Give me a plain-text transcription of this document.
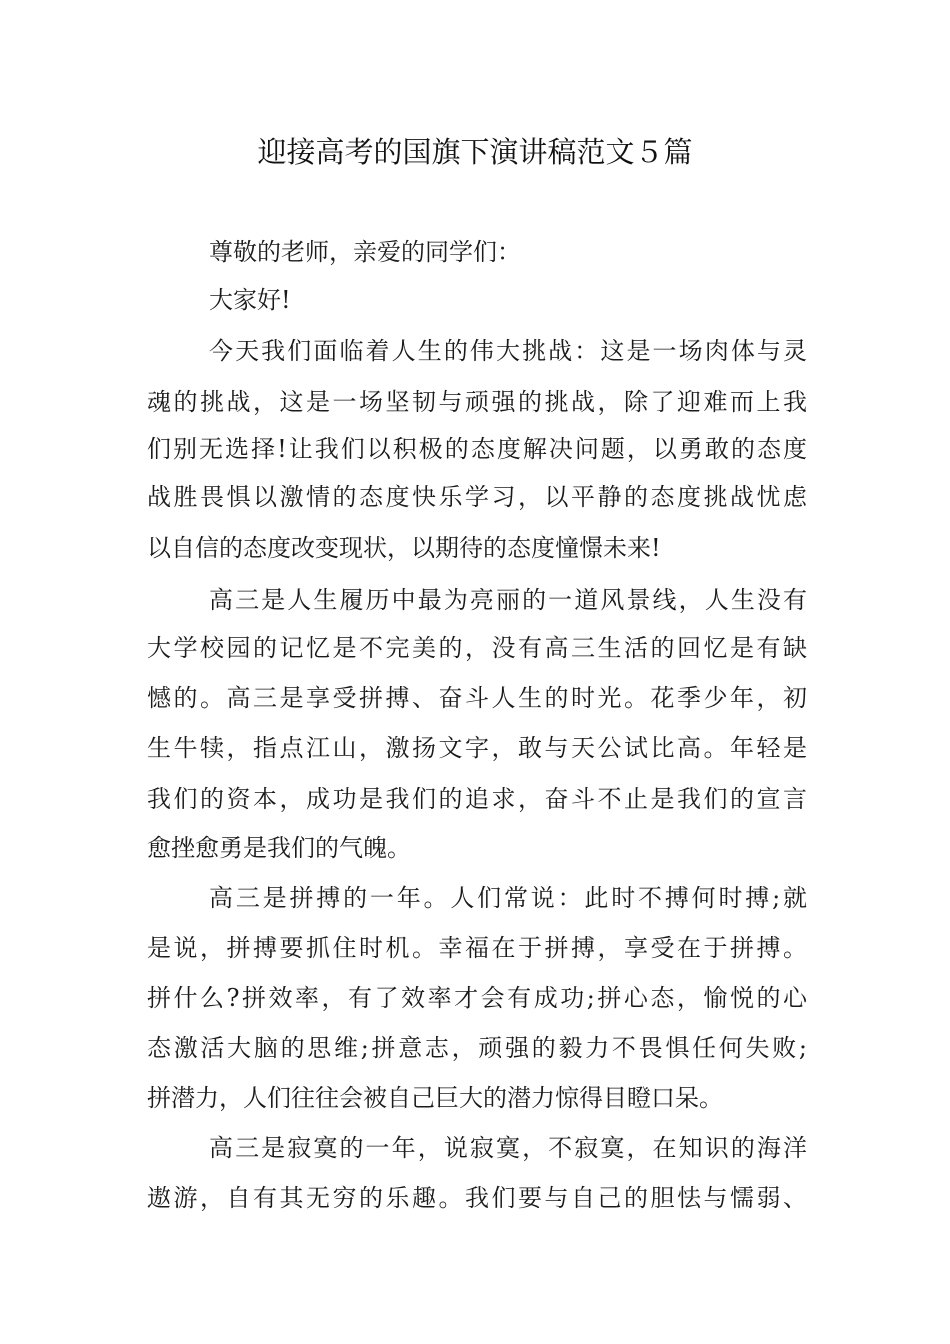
迎接高考的国旗下演讲稿范文５篇
尊敬的老师，亲爱的同学们：
大家好!
今天我们面临着人生的伟大挑战：这是一场肉体与灵
魂的挑战，这是一场坚韧与顽强的挑战，除了迎难而上我
们别无选择!让我们以积极的态度解决问题，以勇敢的态度
战胜畏惧以激情的态度快乐学习，以平静的态度挑战忧虑
以自信的态度改变现状，以期待的态度憧憬未来!
高三是人生履历中最为亮丽的一道风景线，人生没有
大学校园的记忆是不完美的，没有高三生活的回忆是有缺
憾的。高三是享受拼搏、奋斗人生的时光。花季少年，初
生牛犊，指点江山，激扬文字，敢与天公试比高。年轻是
我们的资本，成功是我们的追求，奋斗不止是我们的宣言
愈挫愈勇是我们的气魄。
高三是拼搏的一年。人们常说：此时不搏何时搏;就
是说，拼搏要抓住时机。幸福在于拼搏，享受在于拼搏。
拼什么?拼效率，有了效率才会有成功;拼心态，愉悦的心
态激活大脑的思维;拼意志，顽强的毅力不畏惧任何失败;
拼潜力，人们往往会被自己巨大的潜力惊得目瞪口呆。
高三是寂寞的一年，说寂寞，不寂寞，在知识的海洋
遨游，自有其无穷的乐趣。我们要与自己的胆怯与懦弱、
